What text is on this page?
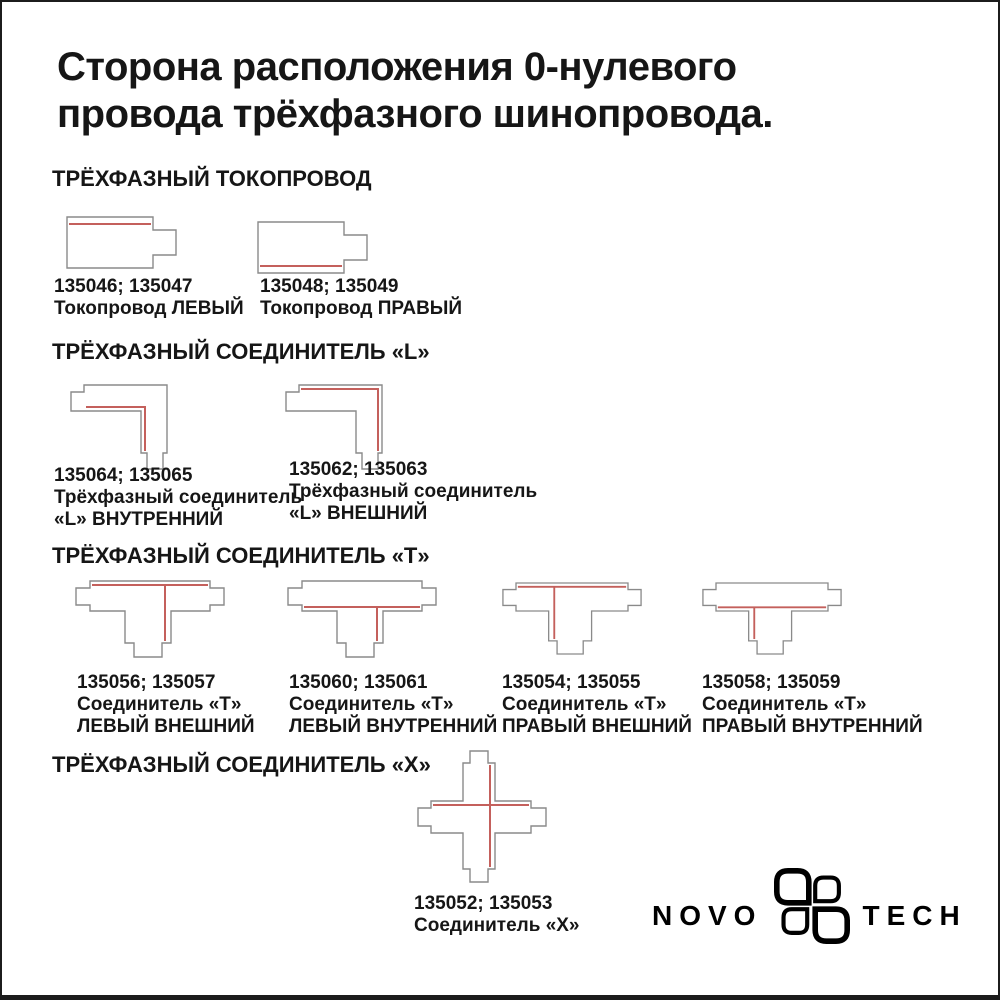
Сторона расположения 0-нулевого
провода трёхфазного шинопровода.
ТРЁХФАЗНЫЙ ТОКОПРОВОД
135046; 135047
Токопровод ЛЕВЫЙ
135048; 135049
Токопровод ПРАВЫЙ
ТРЁХФАЗНЫЙ СОЕДИНИТЕЛЬ «L»
135064; 135065
Трёхфазный соединитель
«L» ВНУТРЕННИЙ
135062; 135063
Трёхфазный соединитель
«L» ВНЕШНИЙ
ТРЁХФАЗНЫЙ СОЕДИНИТЕЛЬ «Т»
135056; 135057
Соединитель «Т»
ЛЕВЫЙ ВНЕШНИЙ
135060; 135061
Соединитель «Т»
ЛЕВЫЙ ВНУТРЕННИЙ
135054; 135055
Соединитель «Т»
ПРАВЫЙ ВНЕШНИЙ
135058; 135059
Соединитель «Т»
ПРАВЫЙ ВНУТРЕННИЙ
ТРЁХФАЗНЫЙ СОЕДИНИТЕЛЬ «Х»
135052; 135053
Соединитель «Х»	NOVO	TECH
